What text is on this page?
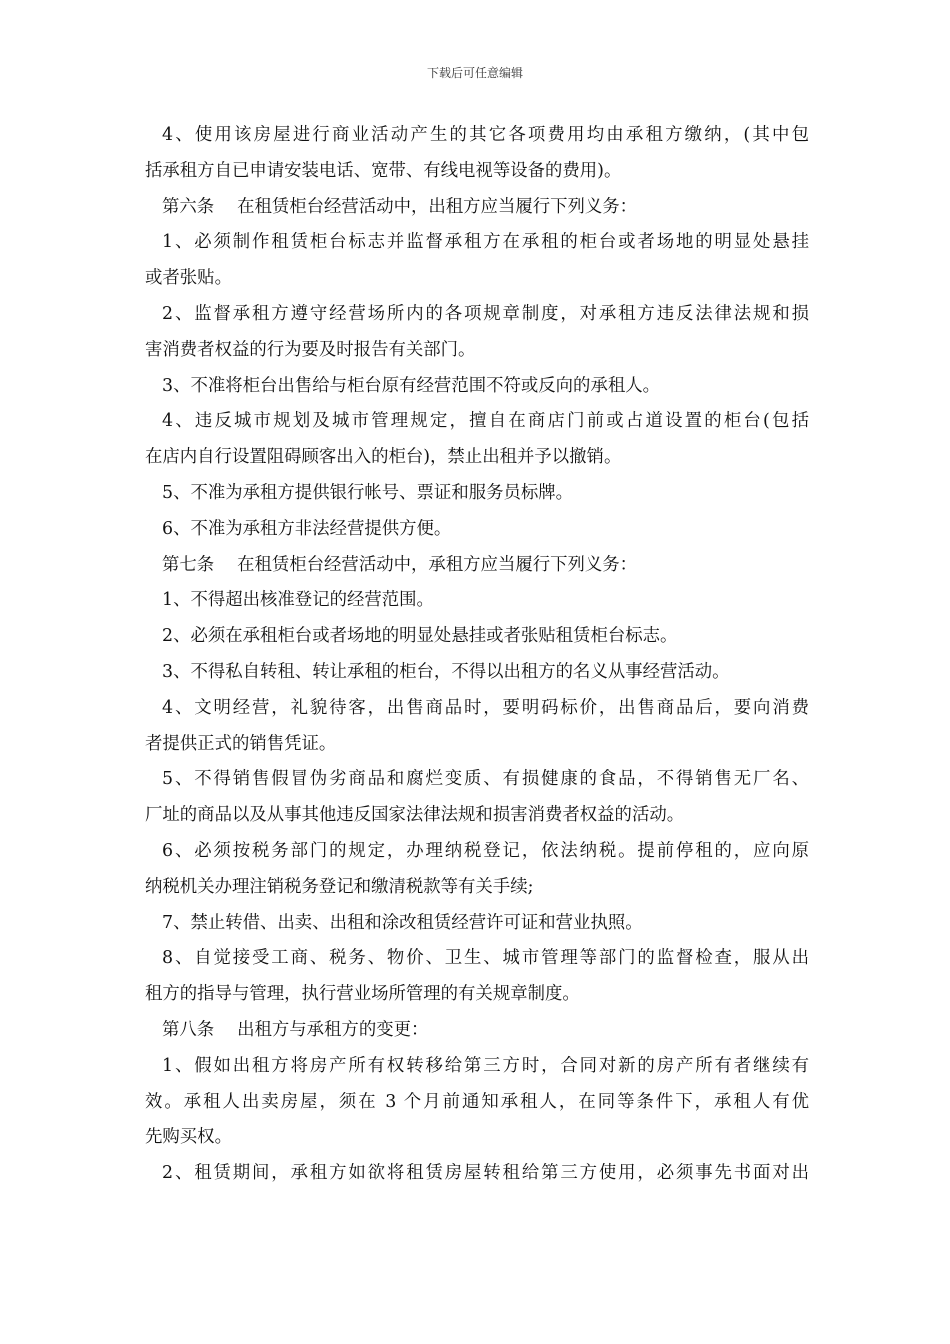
下载后可任意编辑

4、使用该房屋进行商业活动产生的其它各项费用均由承租方缴纳，(其中包

括承租方自已申请安装电话、宽带、有线电视等设备的费用)。

第六条　 在租赁柜台经营活动中，出租方应当履行下列义务：

1、必须制作租赁柜台标志并监督承租方在承租的柜台或者场地的明显处悬挂

或者张贴。

2、监督承租方遵守经营场所内的各项规章制度，对承租方违反法律法规和损

害消费者权益的行为要及时报告有关部门。

3、不准将柜台出售给与柜台原有经营范围不符或反向的承租人。

4、违反城市规划及城市管理规定，擅自在商店门前或占道设置的柜台(包括

在店内自行设置阻碍顾客出入的柜台)，禁止出租并予以撤销。

5、不准为承租方提供银行帐号、票证和服务员标牌。

6、不准为承租方非法经营提供方便。

第七条　 在租赁柜台经营活动中，承租方应当履行下列义务：

1、不得超出核准登记的经营范围。

2、必须在承租柜台或者场地的明显处悬挂或者张贴租赁柜台标志。

3、不得私自转租、转让承租的柜台，不得以出租方的名义从事经营活动。

4、文明经营，礼貌待客，出售商品时，要明码标价，出售商品后，要向消费

者提供正式的销售凭证。

5、不得销售假冒伪劣商品和腐烂变质、有损健康的食品，不得销售无厂名、

厂址的商品以及从事其他违反国家法律法规和损害消费者权益的活动。

6、必须按税务部门的规定，办理纳税登记，依法纳税。提前停租的，应向原

纳税机关办理注销税务登记和缴清税款等有关手续;

7、禁止转借、出卖、出租和涂改租赁经营许可证和营业执照。

8、自觉接受工商、税务、物价、卫生、城市管理等部门的监督检查，服从出

租方的指导与管理，执行营业场所管理的有关规章制度。

第八条　 出租方与承租方的变更：

1、假如出租方将房产所有权转移给第三方时，合同对新的房产所有者继续有

效。承租人出卖房屋，须在 3 个月前通知承租人，在同等条件下，承租人有优

先购买权。

2、租赁期间，承租方如欲将租赁房屋转租给第三方使用，必须事先书面对出
